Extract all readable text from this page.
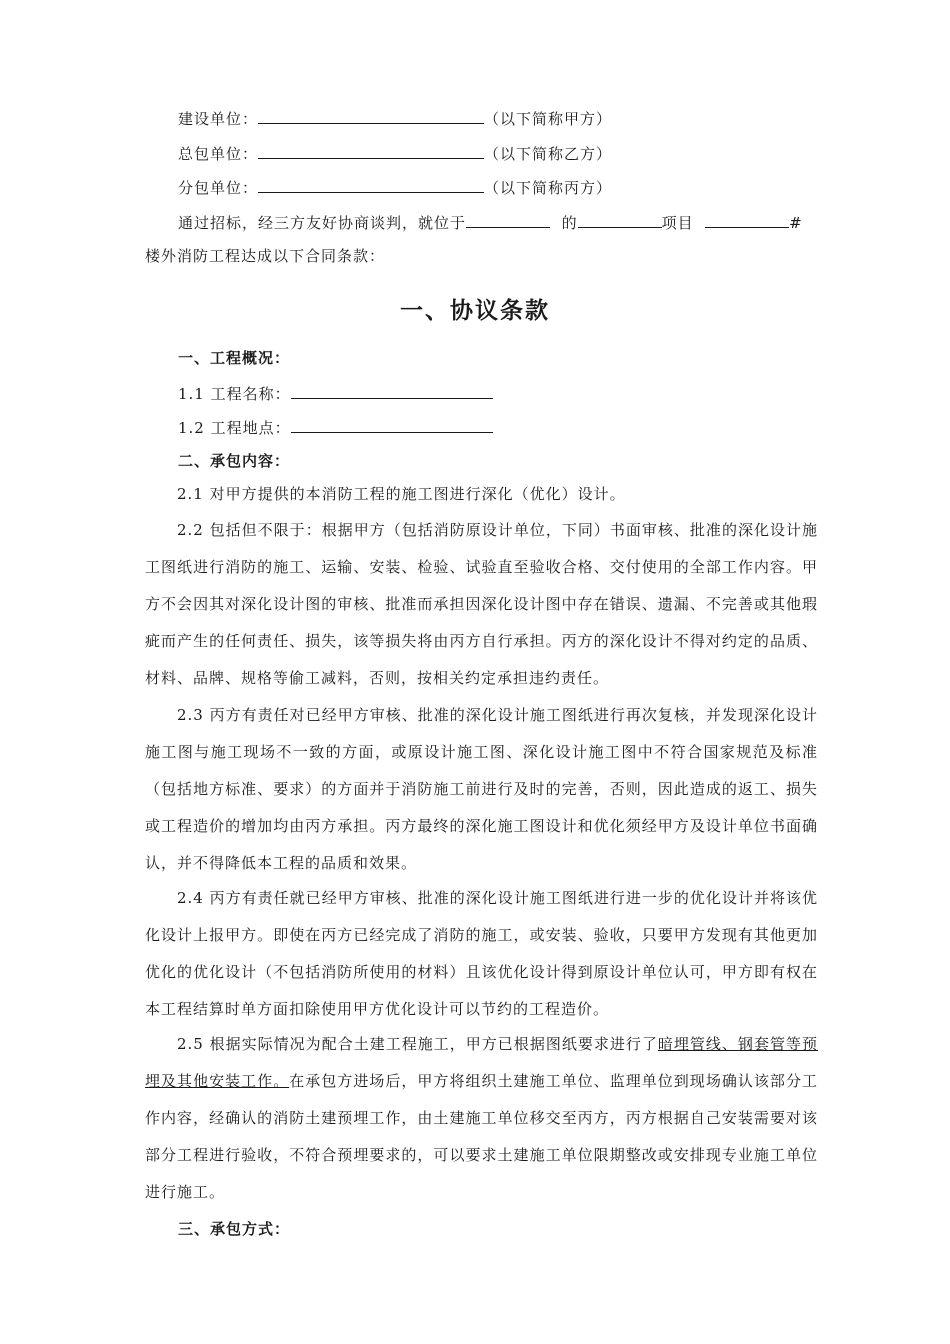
建设单位：	（以下简称甲方）
总包单位：	（以下简称乙方）
分包单位：	（以下简称丙方）
通过招标，经三方友好协商谈判，就位于	的	项目	#
楼外消防工程达成以下合同条款：
一、协议条款
一、工程概况：
1.1 工程名称：
1.2 工程地点：
二、承包内容：
2.1 对甲方提供的本消防工程的施工图进行深化（优化）设计。
2.2 包括但不限于：根据甲方（包括消防原设计单位，下同）书面审核、批准的深化设计施工图纸进行消防的施工、运输、安装、检验、试验直至验收合格、交付使用的全部工作内容。甲方不会因其对深化设计图的审核、批准而承担因深化设计图中存在错误、遗漏、不完善或其他瑕疵而产生的任何责任、损失，该等损失将由丙方自行承担。丙方的深化设计不得对约定的品质、材料、品牌、规格等偷工减料，否则，按相关约定承担违约责任。
2.3 丙方有责任对已经甲方审核、批准的深化设计施工图纸进行再次复核，并发现深化设计施工图与施工现场不一致的方面，或原设计施工图、深化设计施工图中不符合国家规范及标准（包括地方标准、要求）的方面并于消防施工前进行及时的完善，否则，因此造成的返工、损失或工程造价的增加均由丙方承担。丙方最终的深化施工图设计和优化须经甲方及设计单位书面确认，并不得降低本工程的品质和效果。
2.4 丙方有责任就已经甲方审核、批准的深化设计施工图纸进行进一步的优化设计并将该优化设计上报甲方。即使在丙方已经完成了消防的施工，或安装、验收，只要甲方发现有其他更加优化的优化设计（不包括消防所使用的材料）且该优化设计得到原设计单位认可，甲方即有权在本工程结算时单方面扣除使用甲方优化设计可以节约的工程造价。
2.5 根据实际情况为配合土建工程施工，甲方已根据图纸要求进行了暗埋管线、钢套管等预埋及其他安装工作。在承包方进场后，甲方将组织土建施工单位、监理单位到现场确认该部分工作内容，经确认的消防土建预埋工作，由土建施工单位移交至丙方，丙方根据自己安装需要对该部分工程进行验收，不符合预埋要求的，可以要求土建施工单位限期整改或安排现专业施工单位进行施工。
三、承包方式：
